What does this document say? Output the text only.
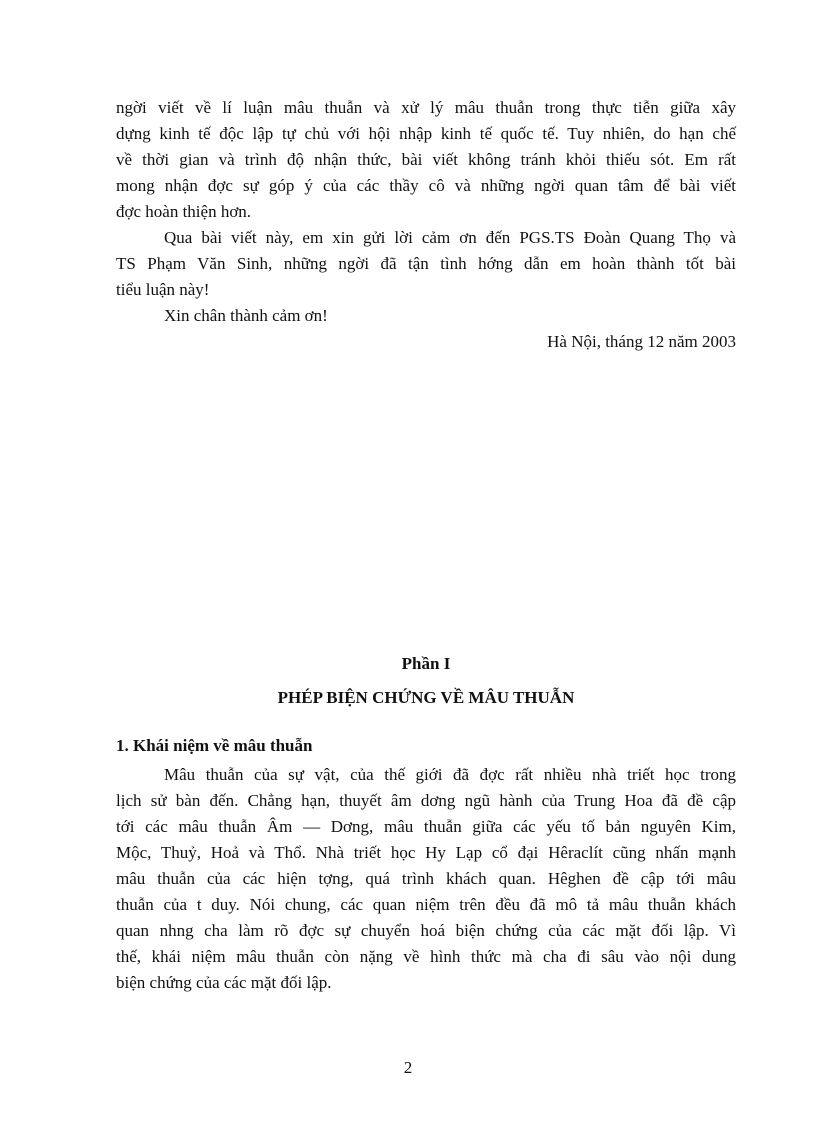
ngời viết về lí luận mâu thuẫn và xử lý mâu thuẫn trong thực tiễn giữa xây
dựng kinh tế độc lập tự chủ với hội nhập kinh tế quốc tế. Tuy nhiên, do hạn chế
về thời gian và trình độ nhận thức, bài viết không tránh khỏi thiếu sót. Em rất
mong nhận đợc sự góp ý của các thầy cô và những ngời quan tâm để bài viết
đợc hoàn thiện hơn.
Qua bài viết này, em xin gửi lời cảm ơn đến PGS.TS Đoàn Quang Thọ và
TS Phạm Văn Sinh, những ngời đã tận tình hớng dẫn em hoàn thành tốt bài
tiểu luận này!
Xin chân thành cảm ơn!
Hà Nội, tháng 12 năm 2003
Phần I
PHÉP BIỆN CHỨNG VỀ MÂU THUẪN
1. Khái niệm về mâu thuẫn
Mâu thuẫn của sự vật, của thế giới đã đợc rất nhiều nhà triết học trong
lịch sử bàn đến. Chẳng hạn, thuyết âm dơng ngũ hành của Trung Hoa đã đề cập
tới các mâu thuẫn Âm — Dơng, mâu thuẫn giữa các yếu tố bản nguyên Kim,
Mộc, Thuỷ, Hoả và Thổ. Nhà triết học Hy Lạp cổ đại Hêraclít cũng nhấn mạnh
mâu thuẫn của các hiện tợng, quá trình khách quan. Hêghen đề cập tới mâu
thuẫn của t duy. Nói chung, các quan niệm trên đều đã mô tả mâu thuẫn khách
quan nhng cha làm rõ đợc sự chuyển hoá biện chứng của các mặt đối lập. Vì
thế, khái niệm mâu thuẫn còn nặng về hình thức mà cha đi sâu vào nội dung
biện chứng của các mặt đối lập.
2
